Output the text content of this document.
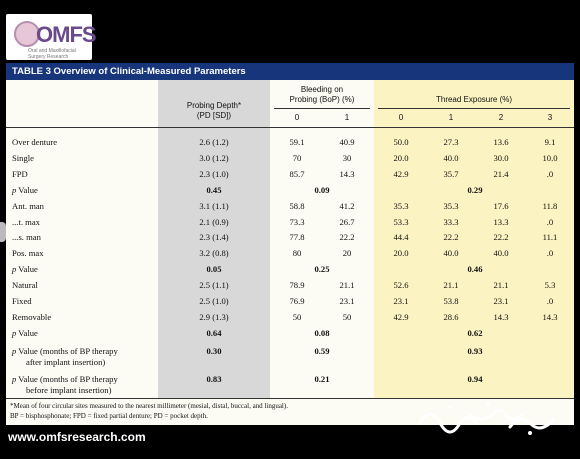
OMFS
Oral and Maxillofacial Surgery Research
TABLE 3 Overview of Clinical-Measured Parameters
Probing Depth*
(PD [SD])
Bleeding on
Probing (BoP) (%)	Thread Exposure (%)
0	1	0	1	2	3
Over denture	2.6 (1.2)	59.1	40.9	50.0	27.3	13.6	9.1
Single	3.0 (1.2)	70	30	20.0	40.0	30.0	10.0
FPD	2.3 (1.0)	85.7	14.3	42.9	35.7	21.4	.0
p Value	0.45	0.09	0.29
Ant. man	3.1 (1.1)	58.8	41.2	35.3	35.3	17.6	11.8
...t. max	2.1 (0.9)	73.3	26.7	53.3	33.3	13.3	.0
...s. man	2.3 (1.4)	77.8	22.2	44.4	22.2	22.2	11.1
Pos. max	3.2 (0.8)	80	20	20.0	40.0	40.0	.0
p Value	0.05	0.25	0.46
Natural	2.5 (1.1)	78.9	21.1	52.6	21.1	21.1	5.3
Fixed	2.5 (1.0)	76.9	23.1	23.1	53.8	23.1	.0
Removable	2.9 (1.3)	50	50	42.9	28.6	14.3	14.3
p Value	0.64	0.08	0.62
p Value (months of BP therapy
after implant insertion)
0.30	0.59	0.93
p Value (months of BP therapy
before implant insertion)
0.83	0.21	0.94
*Mean of four circular sites measured to the nearest millimeter (mesial, distal, buccal, and lingual).
BP = bisphosphonate; FPD = fixed partial denture; PD = pocket depth.
www.omfsresearch.com
